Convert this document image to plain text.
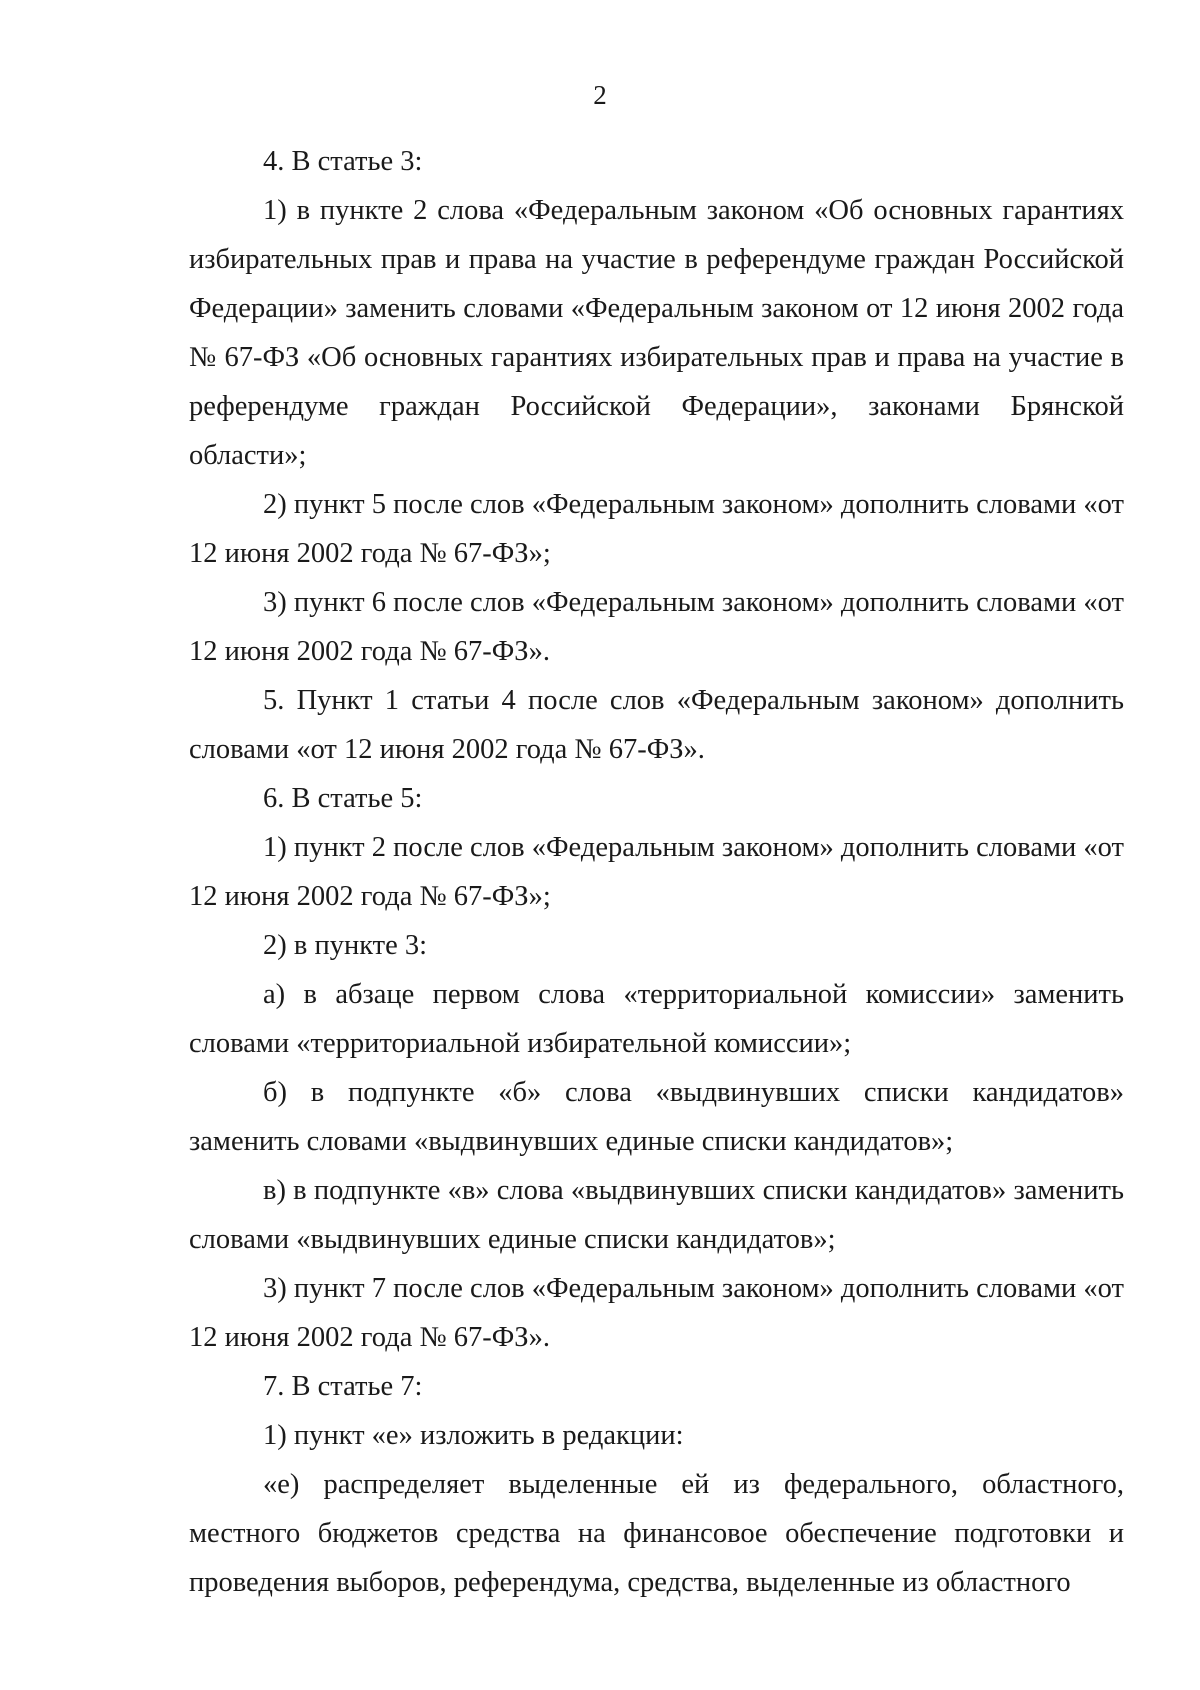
2

4. В статье 3:

1) в пункте 2 слова «Федеральным законом «Об основных гарантиях избирательных прав и права на участие в референдуме граждан Российской Федерации» заменить словами «Федеральным законом от 12 июня 2002 года № 67-ФЗ «Об основных гарантиях избирательных прав и права на участие в референдуме граждан Российской Федерации», законами Брянской области»;

2) пункт 5 после слов «Федеральным законом» дополнить словами «от 12 июня 2002 года № 67-ФЗ»;

3) пункт 6 после слов «Федеральным законом» дополнить словами «от 12 июня 2002 года № 67-ФЗ».

5. Пункт 1 статьи 4 после слов «Федеральным законом» дополнить словами «от 12 июня 2002 года № 67-ФЗ».

6. В статье 5:

1) пункт 2 после слов «Федеральным законом» дополнить словами «от 12 июня 2002 года № 67-ФЗ»;

2) в пункте 3:

а) в абзаце первом слова «территориальной комиссии» заменить словами «территориальной избирательной комиссии»;

б) в подпункте «б» слова «выдвинувших списки кандидатов» заменить словами «выдвинувших единые списки кандидатов»;

в) в подпункте «в» слова «выдвинувших списки кандидатов» заменить словами «выдвинувших единые списки кандидатов»;

3) пункт 7 после слов «Федеральным законом» дополнить словами «от 12 июня 2002 года № 67-ФЗ».

7. В статье 7:

1) пункт «е» изложить в редакции:

«е) распределяет выделенные ей из федерального, областного, местного бюджетов средства на финансовое обеспечение подготовки и проведения выборов, референдума, средства, выделенные из областного
